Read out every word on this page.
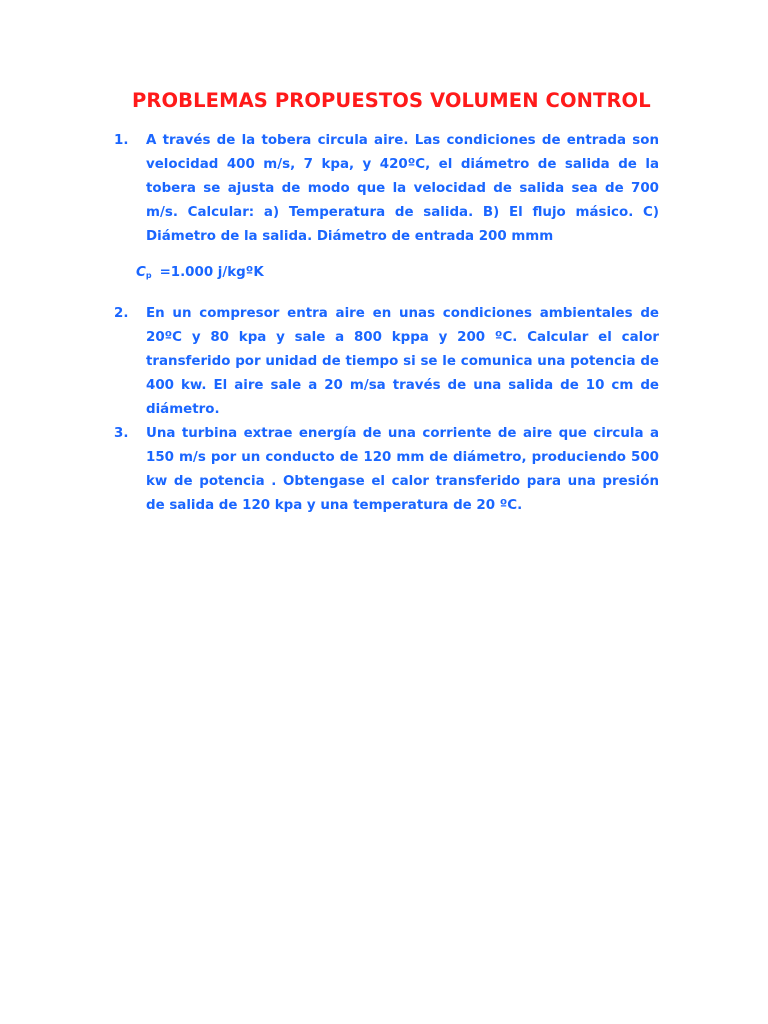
PROBLEMAS PROPUESTOS VOLUMEN CONTROL
1.	A través de la tobera circula aire. Las condiciones de entrada son velocidad 400 m/s, 7 kpa, y 420ºC, el diámetro de salida de la tobera se ajusta de modo que la velocidad de salida sea de 700 m/s. Calcular: a) Temperatura de salida. B) El flujo másico. C) Diámetro de la salida. Diámetro de entrada 200 mmm
Cp =1.000 j/kgºK
2.	En un compresor entra aire en unas condiciones ambientales de 20ºC y 80 kpa y sale a 800 kppa y 200 ºC. Calcular el calor transferido por unidad de tiempo si se le comunica una potencia de 400 kw. El aire sale a 20 m/sa través de una salida de 10 cm de diámetro.
3.	Una turbina extrae energía de una corriente de aire que circula a 150 m/s por un conducto de 120 mm de diámetro, produciendo 500 kw de potencia . Obtengase el calor transferido para una presión de salida de 120 kpa y una temperatura de 20 ºC.
